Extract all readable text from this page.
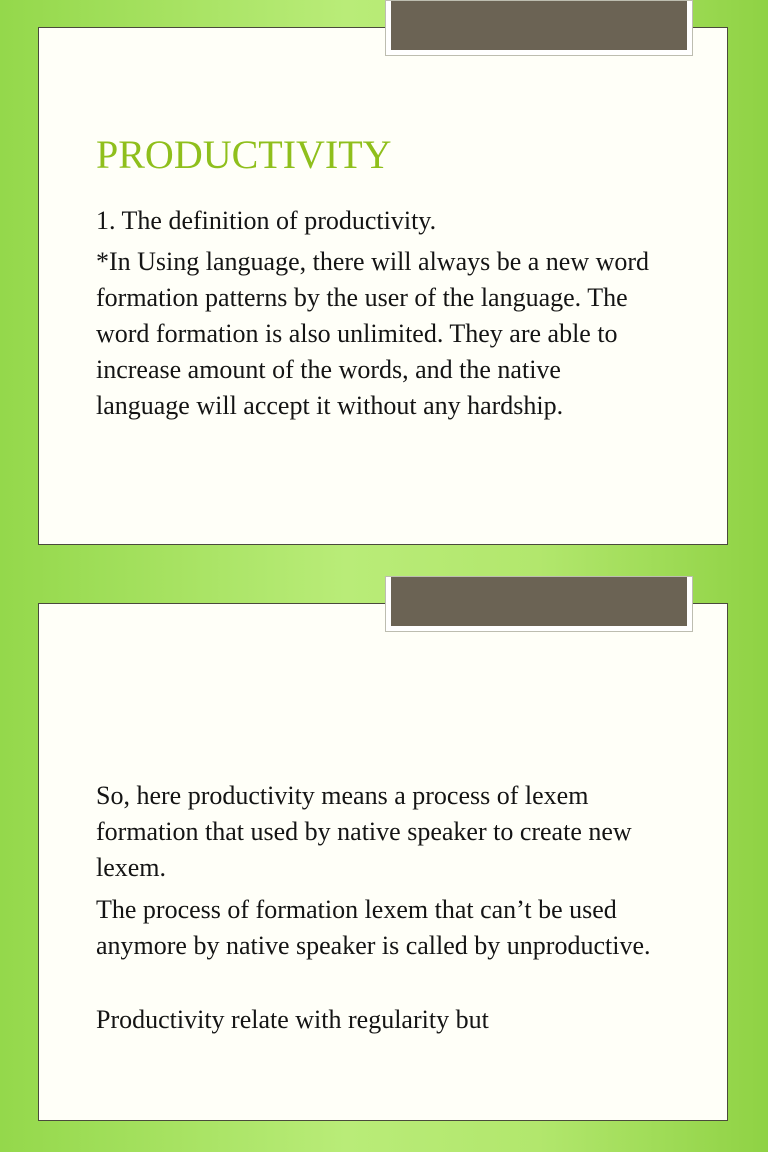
PRODUCTIVITY

1. The definition of productivity.

*In Using language, there will always be a new word formation patterns by the user of the language. The word formation is also unlimited. They are able to increase amount of the words, and the native language will accept it without any hardship.

So, here productivity means a process of lexem formation that used by native speaker to create new lexem.

The process of formation lexem that can’t be used anymore by native speaker is called by unproductive.

Productivity relate with regularity but
